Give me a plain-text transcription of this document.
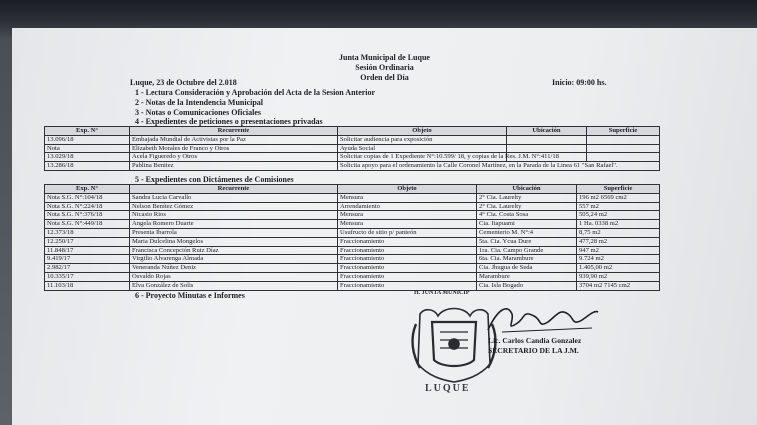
Junta Municipal de Luque
Sesión Ordinaria
Orden del Día
Luque, 23 de Octubre del 2.018	Inicio: 09:00 hs.
1 - Lectura Consideración y Aprobación del Acta de la Sesion Anterior
2 - Notas de la Intendencia Municipal
3 - Notas o Comunicaciones Oficiales
4 - Expedientes de peticiones o presentaciones privadas
Exp. N°	Recurrente	Objeto	Ubicación	Superficie
13.096/18	Embajada Mundial de Activistas por la Paz	Solicitar audiencia para exposición		
Nota	Elizabeth Morales de Franco y Otros	Ayuda Social		
13.029/18	Acela Figueredo y Otros	Solicitar copias de 1 Expediente N°:10.599/ 18, y copias de la Res. J.M. N°:411/18		
13.286/18	Pablina Benitez	Solicita apoyo para el ordenamiento la Calle Coronel Martínez, en la Parada de la Linea 61 "San Rafael".		
5 - Expedientes con Dictámenes de Comisiones
Exp. N°	Recurrente	Objeto	Ubicación	Superficie
Nota S.G. N°:104/18	Sandra Lucia Carvallo	Mensura	2° Cia. Laurelty	196 m2 6569 cm2
Nota S.G. N°:224/18	Nelson Benítez Gómez	Arrendamiento	2° Cia. Laurelty	557 m2
Nota S.G. N°:376/18	Nicasio Rios	Mensura	4° Cia. Costa Sosa	505,24 m2
Nota S.G. N°:449/18	Angela Romero Duarte	Mensura	Cia. Itapuami	1 Ha. 0338 m2
12.373/18	Presenta Ibarrola	Usufructo de sitio p/ panteón	Cementerio M. N°:4	8,75 m2
12.250/17	Maria Dulcelina Mongelos	Fraccionamiento	5ta. Cia. Ycua Dure	477,28 m2
11.848/17	Francisca Concepción Ruiz Díaz	Fraccionamiento	1ra. Cia. Campo Grande	947 m2
9.419/17	Virgilio Alvarenga Almada	Fraccionamiento	6ta. Cia. Marambure	9.724 m2
2.982/17	Veneranda Núñez Deniz	Fraccionamiento	Cia. Jhugua de Seda	1.405,00 m2
10.335/17	Osvaldo Rojas	Fraccionamiento	Marambure	939,90 m2
11.103/18	Elva González de Solis	Fraccionamiento	Cia. Isla Bogado	3704 m2 7145 cm2
6 - Proyecto Minutas e Informes	H. JUNTA MUNICIP
LUQUE
Lic. Carlos Candia Gonzalez
SECRETARIO DE LA J.M.
